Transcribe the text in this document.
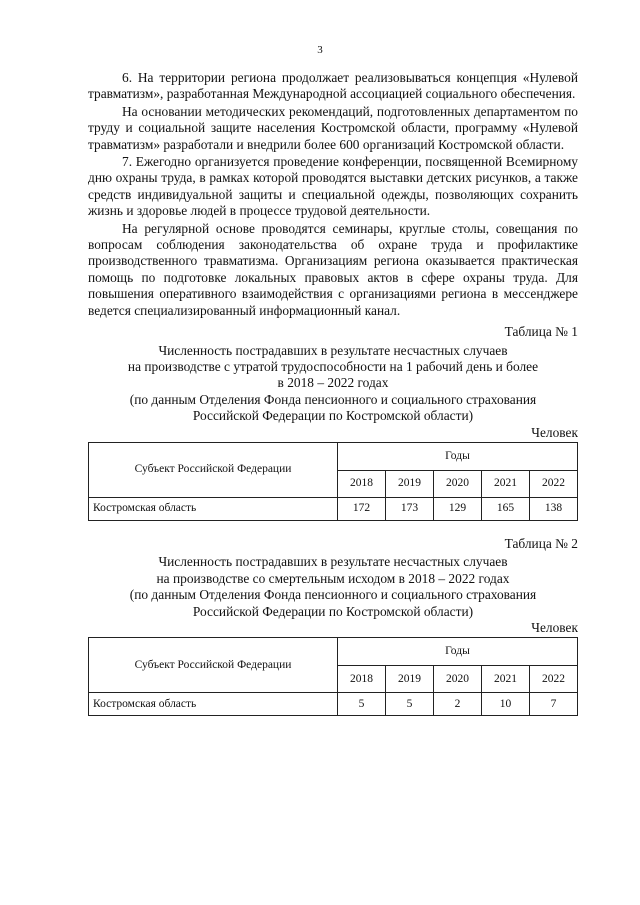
3

6. На территории региона продолжает реализовываться концепция «Нулевой травматизм», разработанная Международной ассоциацией социального обеспечения.

На основании методических рекомендаций, подготовленных департаментом по труду и социальной защите населения Костромской области, программу «Нулевой травматизм» разработали и внедрили более 600 организаций Костромской области.

7. Ежегодно организуется проведение конференции, посвященной Всемирному дню охраны труда, в рамках которой проводятся выставки детских рисунков, а также средств индивидуальной защиты и специальной одежды, позволяющих сохранить жизнь и здоровье людей в процессе трудовой деятельности.

На регулярной основе проводятся семинары, круглые столы, совещания по вопросам соблюдения законодательства об охране труда и профилактике производственного травматизма. Организациям региона оказывается практическая помощь по подготовке локальных правовых актов в сфере охраны труда. Для повышения оперативного взаимодействия с организациями региона в мессенджере ведется специализированный информационный канал.

Таблица № 1
Численность пострадавших в результате несчастных случаев
на производстве с утратой трудоспособности на 1 рабочий день и более
в 2018 – 2022 годах
(по данным Отделения Фонда пенсионного и социального страхования
Российской Федерации по Костромской области)
Человек
Субъект Российской Федерации	Годы				
	2018	2019	2020	2021	2022
Костромская область	172	173	129	165	138
Таблица № 2
Численность пострадавших в результате несчастных случаев
на производстве со смертельным исходом в 2018 – 2022 годах
(по данным Отделения Фонда пенсионного и социального страхования
Российской Федерации по Костромской области)
Человек
Субъект Российской Федерации	Годы				
	2018	2019	2020	2021	2022
Костромская область	5	5	2	10	7
